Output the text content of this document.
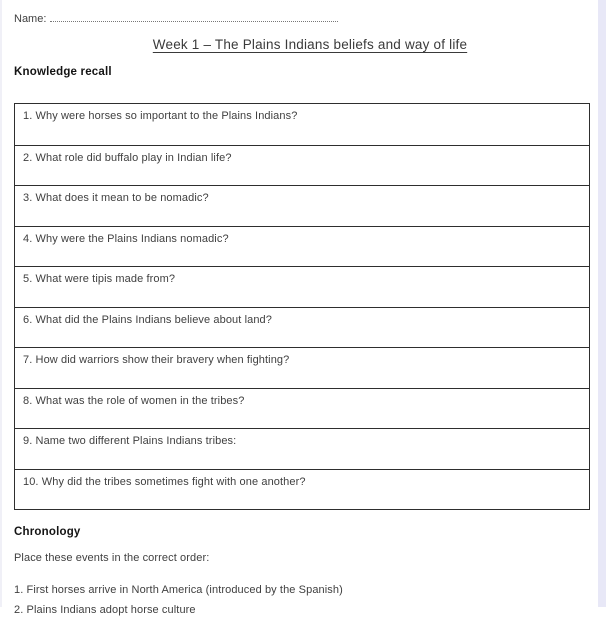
Name:
Week 1 – The Plains Indians beliefs and way of life
Knowledge recall
1. Why were horses so important to the Plains Indians?
2. What role did buffalo play in Indian life?
3. What does it mean to be nomadic?
4. Why were the Plains Indians nomadic?
5. What were tipis made from?
6. What did the Plains Indians believe about land?
7. How did warriors show their bravery when fighting?
8. What was the role of women in the tribes?
9. Name two different Plains Indians tribes:
10. Why did the tribes sometimes fight with one another?
Chronology
Place these events in the correct order:
1. First horses arrive in North America (introduced by the Spanish)
2. Plains Indians adopt horse culture
